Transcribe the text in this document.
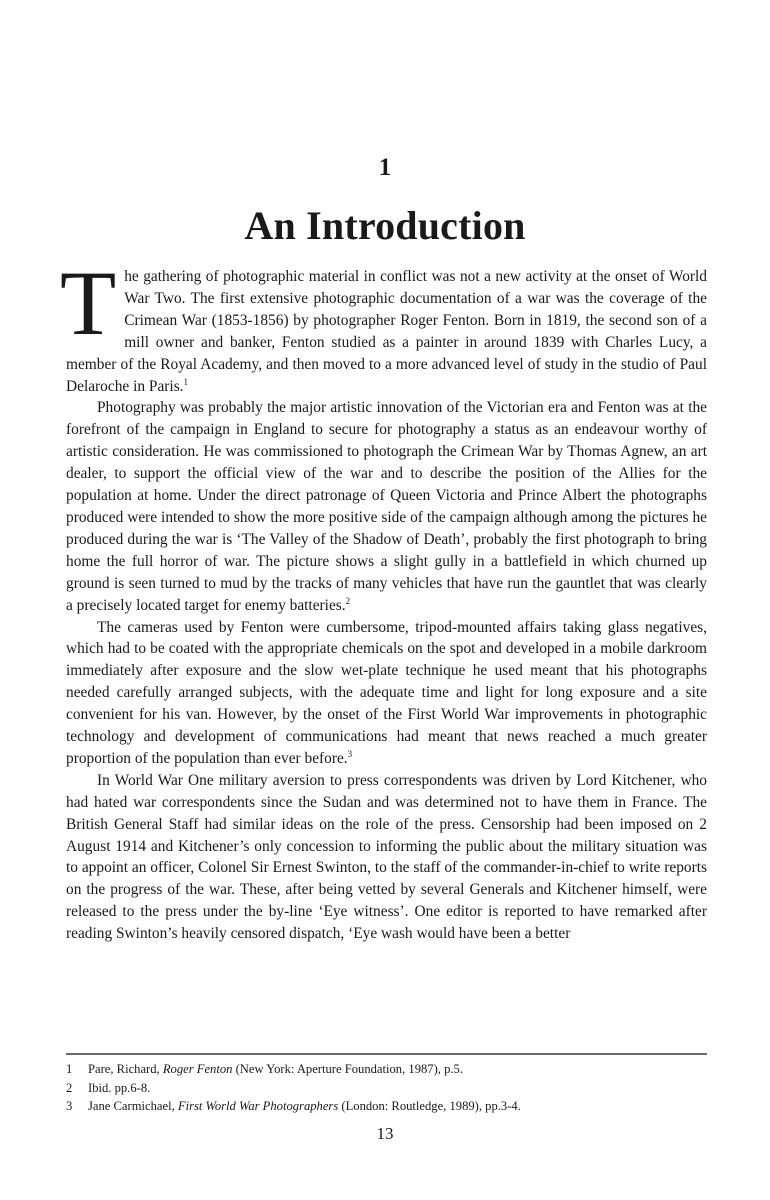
1
An Introduction

The gathering of photographic material in conflict was not a new activity at the onset of World War Two. The first extensive photographic documentation of a war was the coverage of the Crimean War (1853-1856) by photographer Roger Fenton. Born in 1819, the second son of a mill owner and banker, Fenton studied as a painter in around 1839 with Charles Lucy, a member of the Royal Academy, and then moved to a more advanced level of study in the studio of Paul Delaroche in Paris.$^1$

Photography was probably the major artistic innovation of the Victorian era and Fenton was at the forefront of the campaign in England to secure for photography a status as an endeavour worthy of artistic consideration. He was commissioned to photograph the Crimean War by Thomas Agnew, an art dealer, to support the official view of the war and to describe the position of the Allies for the population at home. Under the direct patronage of Queen Victoria and Prince Albert the photographs produced were intended to show the more positive side of the campaign although among the pictures he produced during the war is ‘The Valley of the Shadow of Death’, probably the first photograph to bring home the full horror of war. The picture shows a slight gully in a battlefield in which churned up ground is seen turned to mud by the tracks of many vehicles that have run the gauntlet that was clearly a precisely located target for enemy batteries.$^2$

The cameras used by Fenton were cumbersome, tripod-mounted affairs taking glass negatives, which had to be coated with the appropriate chemicals on the spot and developed in a mobile darkroom immediately after exposure and the slow wet-plate technique he used meant that his photographs needed carefully arranged subjects, with the adequate time and light for long exposure and a site convenient for his van. However, by the onset of the First World War improvements in photographic technology and development of communications had meant that news reached a much greater proportion of the population than ever before.$^3$

In World War One military aversion to press correspondents was driven by Lord Kitchener, who had hated war correspondents since the Sudan and was determined not to have them in France. The British General Staff had similar ideas on the role of the press. Censorship had been imposed on 2 August 1914 and Kitchener’s only concession to informing the public about the military situation was to appoint an officer, Colonel Sir Ernest Swinton, to the staff of the commander-in-chief to write reports on the progress of the war. These, after being vetted by several Generals and Kitchener himself, were released to the press under the by-line ‘Eye witness’. One editor is reported to have remarked after reading Swinton’s heavily censored dispatch, ‘Eye wash would have been a better

1	Pare, Richard, Roger Fenton (New York: Aperture Foundation, 1987), p.5.
2	Ibid. pp.6-8.
3	Jane Carmichael, First World War Photographers (London: Routledge, 1989), pp.3-4.
13
